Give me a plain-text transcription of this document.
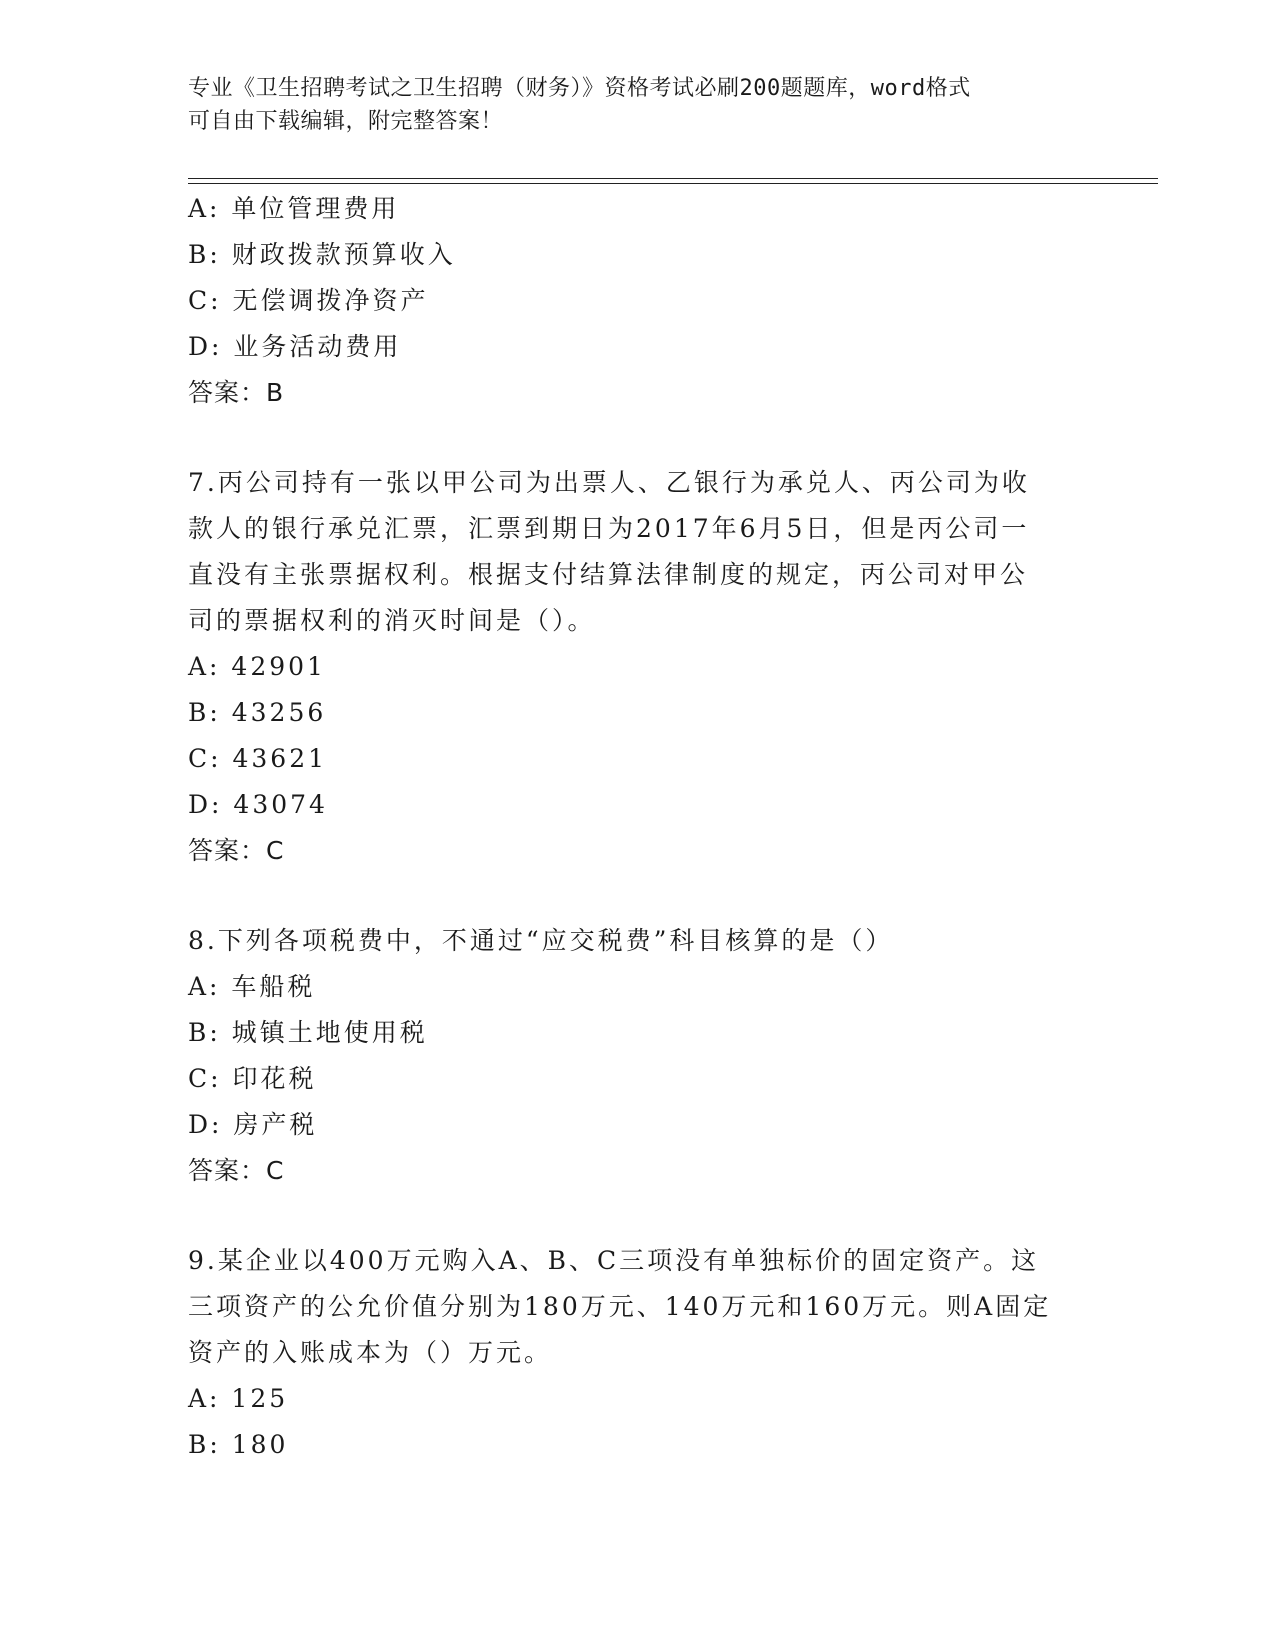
专业《卫生招聘考试之卫生招聘（财务）》资格考试必刷200题题库，word格式
可自由下载编辑，附完整答案！
A: 单位管理费用
B: 财政拨款预算收入
C: 无偿调拨净资产
D: 业务活动费用
答案：B
7.丙公司持有一张以甲公司为出票人、乙银行为承兑人、丙公司为收
款人的银行承兑汇票，汇票到期日为2017年6月5日，但是丙公司一
直没有主张票据权利。根据支付结算法律制度的规定，丙公司对甲公
司的票据权利的消灭时间是（）。
A: 42901
B: 43256
C: 43621
D: 43074
答案：C
8.下列各项税费中，不通过“应交税费”科目核算的是（）
A: 车船税
B: 城镇土地使用税
C: 印花税
D: 房产税
答案：C
9.某企业以400万元购入A、B、C三项没有单独标价的固定资产。这
三项资产的公允价值分别为180万元、140万元和160万元。则A固定
资产的入账成本为（）万元。
A: 125
B: 180
